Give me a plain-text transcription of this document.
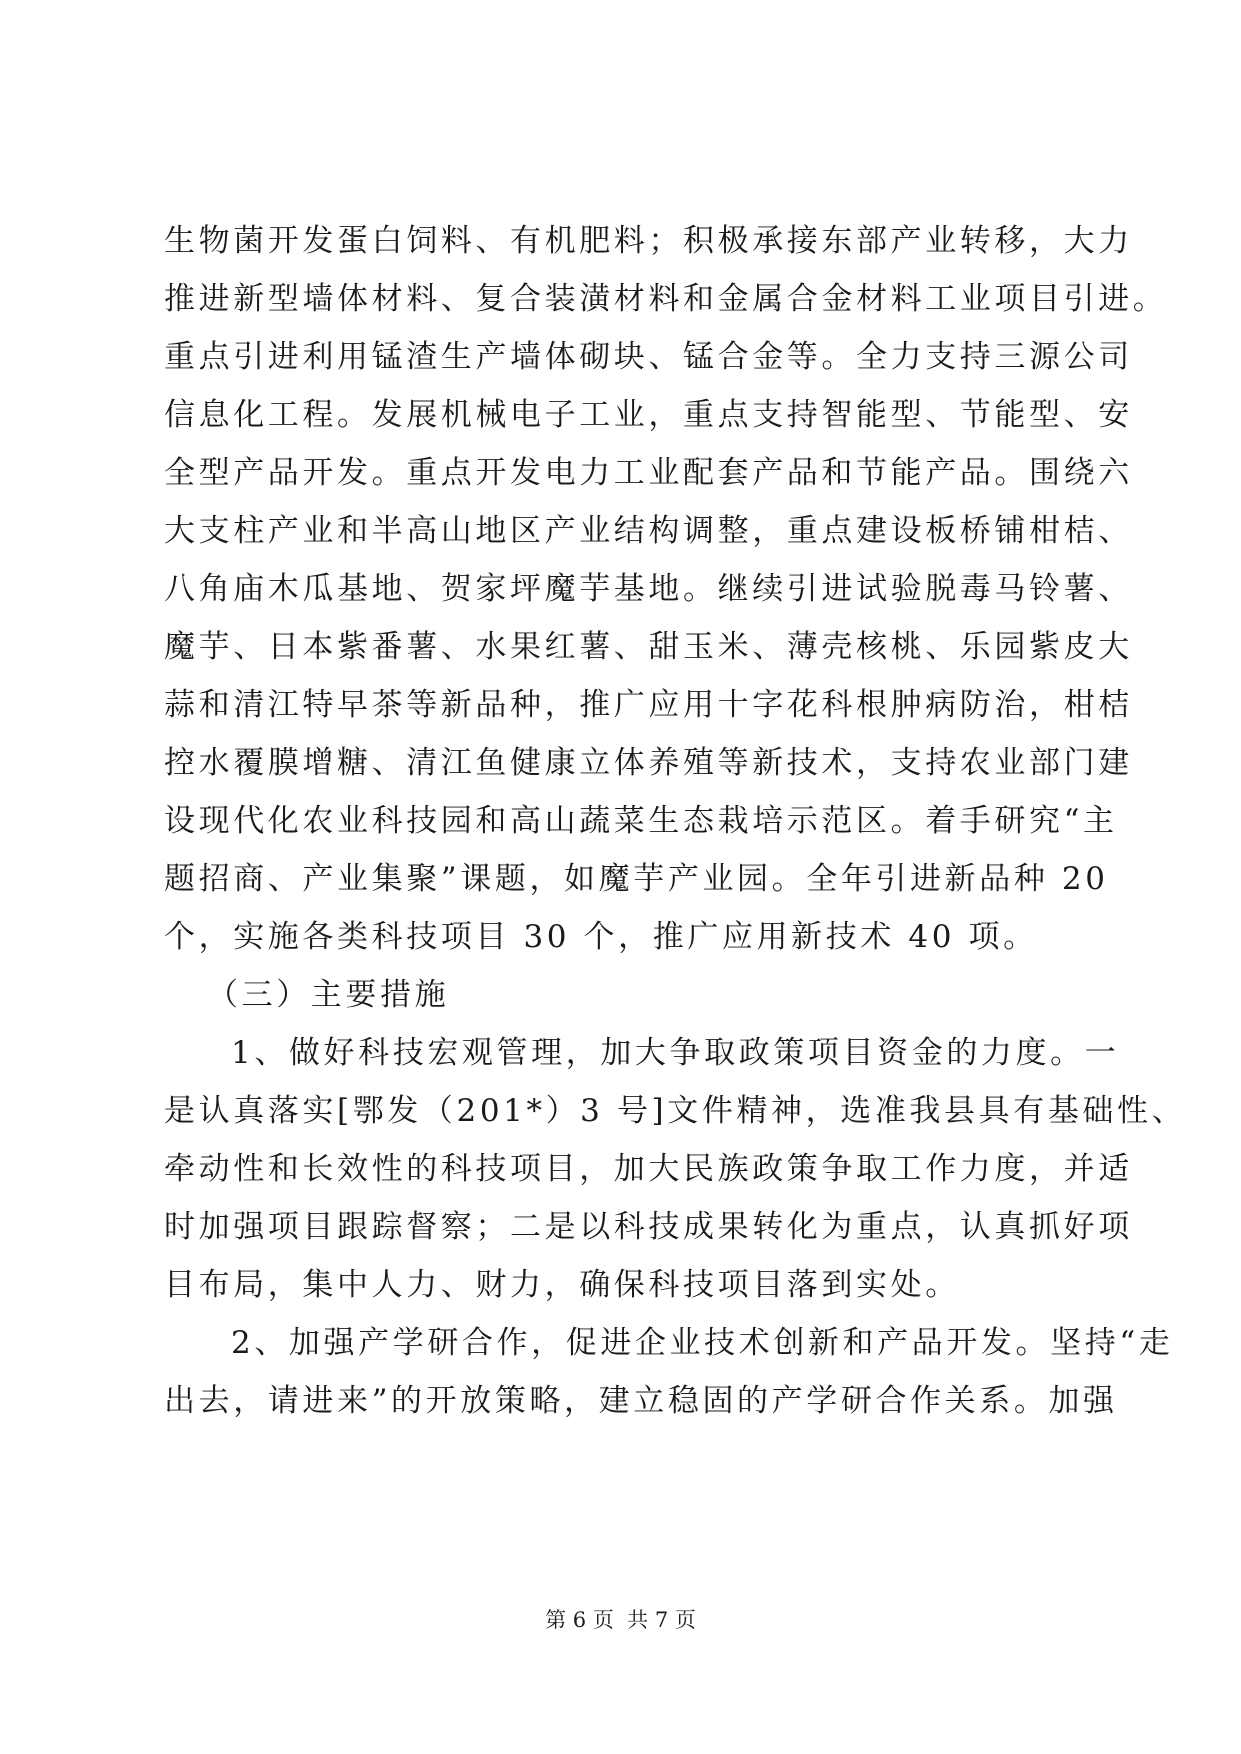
生物菌开发蛋白饲料、有机肥料；积极承接东部产业转移，大力
推进新型墙体材料、复合装潢材料和金属合金材料工业项目引进。
重点引进利用锰渣生产墙体砌块、锰合金等。全力支持三源公司
信息化工程。发展机械电子工业，重点支持智能型、节能型、安
全型产品开发。重点开发电力工业配套产品和节能产品。围绕六
大支柱产业和半高山地区产业结构调整，重点建设板桥铺柑桔、
八角庙木瓜基地、贺家坪魔芋基地。继续引进试验脱毒马铃薯、
魔芋、日本紫番薯、水果红薯、甜玉米、薄壳核桃、乐园紫皮大
蒜和清江特早茶等新品种，推广应用十字花科根肿病防治，柑桔
控水覆膜增糖、清江鱼健康立体养殖等新技术，支持农业部门建
设现代化农业科技园和高山蔬菜生态栽培示范区。着手研究“主
题招商、产业集聚”课题，如魔芋产业园。全年引进新品种 20
个，实施各类科技项目 30 个，推广应用新技术 40 项。
（三）主要措施
1、做好科技宏观管理，加大争取政策项目资金的力度。一
是认真落实[鄂发（201*）3 号]文件精神，选准我县具有基础性、
牵动性和长效性的科技项目，加大民族政策争取工作力度，并适
时加强项目跟踪督察；二是以科技成果转化为重点，认真抓好项
目布局，集中人力、财力，确保科技项目落到实处。
2、加强产学研合作，促进企业技术创新和产品开发。坚持“走
出去，请进来”的开放策略，建立稳固的产学研合作关系。加强
第 6 页  共 7 页
